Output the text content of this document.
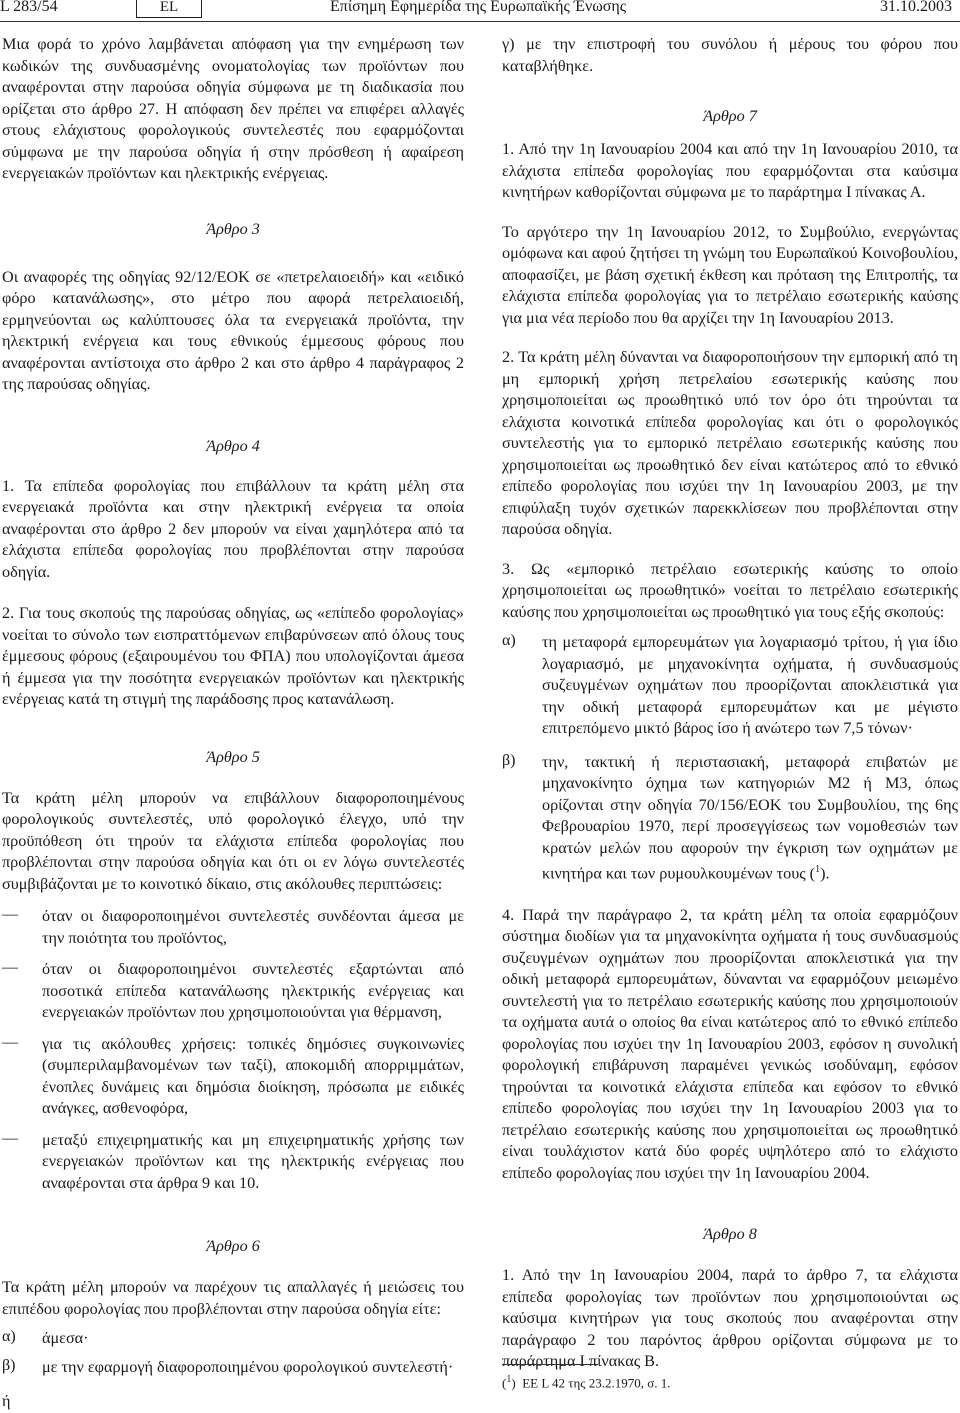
L 283/54	EL	Επίσημη Εφημερίδα της Ευρωπαϊκής Ένωσης	31.10.2003

Μια φορά το χρόνο λαμβάνεται απόφαση για την ενημέρωση των κωδικών της συνδυασμένης ονοματολογίας των προϊόντων που αναφέρονται στην παρούσα οδηγία σύμφωνα με τη διαδικασία που ορίζεται στο άρθρο 27. Η απόφαση δεν πρέπει να επιφέρει αλλαγές στους ελάχιστους φορολογικούς συντελεστές που εφαρμόζονται σύμφωνα με την παρούσα οδηγία ή στην πρόσθεση ή αφαίρεση ενεργειακών προϊόντων και ηλεκτρικής ενέργειας.

Άρθρο 3

Οι αναφορές της οδηγίας 92/12/ΕΟΚ σε «πετρελαιοειδή» και «ειδικό φόρο κατανάλωσης», στο μέτρο που αφορά πετρελαιοειδή, ερμηνεύονται ως καλύπτουσες όλα τα ενεργειακά προϊόντα, την ηλεκτρική ενέργεια και τους εθνικούς έμμεσους φόρους που αναφέρονται αντίστοιχα στο άρθρο 2 και στο άρθρο 4 παράγραφος 2 της παρούσας οδηγίας.

Άρθρο 4

1. Τα επίπεδα φορολογίας που επιβάλλουν τα κράτη μέλη στα ενεργειακά προϊόντα και στην ηλεκτρική ενέργεια τα οποία αναφέρονται στο άρθρο 2 δεν μπορούν να είναι χαμηλότερα από τα ελάχιστα επίπεδα φορολογίας που προβλέπονται στην παρούσα οδηγία.

2. Για τους σκοπούς της παρούσας οδηγίας, ως «επίπεδο φορολογίας» νοείται το σύνολο των εισπραττόμενων επιβαρύνσεων από όλους τους έμμεσους φόρους (εξαιρουμένου του ΦΠΑ) που υπολογίζονται άμεσα ή έμμεσα για την ποσότητα ενεργειακών προϊόντων και ηλεκτρικής ενέργειας κατά τη στιγμή της παράδοσης προς κατανάλωση.

Άρθρο 5

Τα κράτη μέλη μπορούν να επιβάλλουν διαφοροποιημένους φορολογικούς συντελεστές, υπό φορολογικό έλεγχο, υπό την προϋπόθεση ότι τηρούν τα ελάχιστα επίπεδα φορολογίας που προβλέπονται στην παρούσα οδηγία και ότι οι εν λόγω συντελεστές συμβιβάζονται με το κοινοτικό δίκαιο, στις ακόλουθες περιπτώσεις:

— όταν οι διαφοροποιημένοι συντελεστές συνδέονται άμεσα με την ποιότητα του προϊόντος,

— όταν οι διαφοροποιημένοι συντελεστές εξαρτώνται από ποσοτικά επίπεδα κατανάλωσης ηλεκτρικής ενέργειας και ενεργειακών προϊόντων που χρησιμοποιούνται για θέρμανση,

— για τις ακόλουθες χρήσεις: τοπικές δημόσιες συγκοινωνίες (συμπεριλαμβανομένων των ταξί), αποκομιδή απορριμμάτων, ένοπλες δυνάμεις και δημόσια διοίκηση, πρόσωπα με ειδικές ανάγκες, ασθενοφόρα,

— μεταξύ επιχειρηματικής και μη επιχειρηματικής χρήσης των ενεργειακών προϊόντων και της ηλεκτρικής ενέργειας που αναφέρονται στα άρθρα 9 και 10.

Άρθρο 6

Τα κράτη μέλη μπορούν να παρέχουν τις απαλλαγές ή μειώσεις του επιπέδου φορολογίας που προβλέπονται στην παρούσα οδηγία είτε:

α) άμεσα·

β) με την εφαρμογή διαφοροποιημένου φορολογικού συντελεστή·

ή

γ) με την επιστροφή του συνόλου ή μέρους του φόρου που καταβλήθηκε.

Άρθρο 7

1. Από την 1η Ιανουαρίου 2004 και από την 1η Ιανουαρίου 2010, τα ελάχιστα επίπεδα φορολογίας που εφαρμόζονται στα καύσιμα κινητήρων καθορίζονται σύμφωνα με το παράρτημα Ι πίνακας Α.

Το αργότερο την 1η Ιανουαρίου 2012, το Συμβούλιο, ενεργώντας ομόφωνα και αφού ζητήσει τη γνώμη του Ευρωπαϊκού Κοινοβουλίου, αποφασίζει, με βάση σχετική έκθεση και πρόταση της Επιτροπής, τα ελάχιστα επίπεδα φορολογίας για το πετρέλαιο εσωτερικής καύσης για μια νέα περίοδο που θα αρχίζει την 1η Ιανουαρίου 2013.

2. Τα κράτη μέλη δύνανται να διαφοροποιήσουν την εμπορική από τη μη εμπορική χρήση πετρελαίου εσωτερικής καύσης που χρησιμοποιείται ως προωθητικό υπό τον όρο ότι τηρούνται τα ελάχιστα κοινοτικά επίπεδα φορολογίας και ότι ο φορολογικός συντελεστής για το εμπορικό πετρέλαιο εσωτερικής καύσης που χρησιμοποιείται ως προωθητικό δεν είναι κατώτερος από το εθνικό επίπεδο φορολογίας που ισχύει την 1η Ιανουαρίου 2003, με την επιφύλαξη τυχόν σχετικών παρεκκλίσεων που προβλέπονται στην παρούσα οδηγία.

3. Ως «εμπορικό πετρέλαιο εσωτερικής καύσης το οποίο χρησιμοποιείται ως προωθητικό» νοείται το πετρέλαιο εσωτερικής καύσης που χρησιμοποιείται ως προωθητικό για τους εξής σκοπούς:

α) τη μεταφορά εμπορευμάτων για λογαριασμό τρίτου, ή για ίδιο λογαριασμό, με μηχανοκίνητα οχήματα, ή συνδυασμούς συζευγμένων οχημάτων που προορίζονται αποκλειστικά για την οδική μεταφορά εμπορευμάτων και με μέγιστο επιτρεπόμενο μικτό βάρος ίσο ή ανώτερο των 7,5 τόνων·

β) την, τακτική ή περιστασιακή, μεταφορά επιβατών με μηχανοκίνητο όχημα των κατηγοριών Μ2 ή Μ3, όπως ορίζονται στην οδηγία 70/156/ΕΟΚ του Συμβουλίου, της 6ης Φεβρουαρίου 1970, περί προσεγγίσεως των νομοθεσιών των κρατών μελών που αφορούν την έγκριση των οχημάτων με κινητήρα και των ρυμουλκουμένων τους ($^1$).

4. Παρά την παράγραφο 2, τα κράτη μέλη τα οποία εφαρμόζουν σύστημα διοδίων για τα μηχανοκίνητα οχήματα ή τους συνδυασμούς συζευγμένων οχημάτων που προορίζονται αποκλειστικά για την οδική μεταφορά εμπορευμάτων, δύνανται να εφαρμόζουν μειωμένο συντελεστή για το πετρέλαιο εσωτερικής καύσης που χρησιμοποιούν τα οχήματα αυτά ο οποίος θα είναι κατώτερος από το εθνικό επίπεδο φορολογίας που ισχύει την 1η Ιανουαρίου 2003, εφόσον η συνολική φορολογική επιβάρυνση παραμένει γενικώς ισοδύναμη, εφόσον τηρούνται τα κοινοτικά ελάχιστα επίπεδα και εφόσον το εθνικό επίπεδο φορολογίας που ισχύει την 1η Ιανουαρίου 2003 για το πετρέλαιο εσωτερικής καύσης που χρησιμοποιείται ως προωθητικό είναι τουλάχιστον κατά δύο φορές υψηλότερο από το ελάχιστο επίπεδο φορολογίας που ισχύει την 1η Ιανουαρίου 2004.

Άρθρο 8

1. Από την 1η Ιανουαρίου 2004, παρά το άρθρο 7, τα ελάχιστα επίπεδα φορολογίας των προϊόντων που χρησιμοποιούνται ως καύσιμα κινητήρων για τους σκοπούς που αναφέρονται στην παράγραφο 2 του παρόντος άρθρου ορίζονται σύμφωνα με το παράρτημα Ι πίνακας Β.

($^1$)  ΕΕ L 42 της 23.2.1970, σ. 1.
